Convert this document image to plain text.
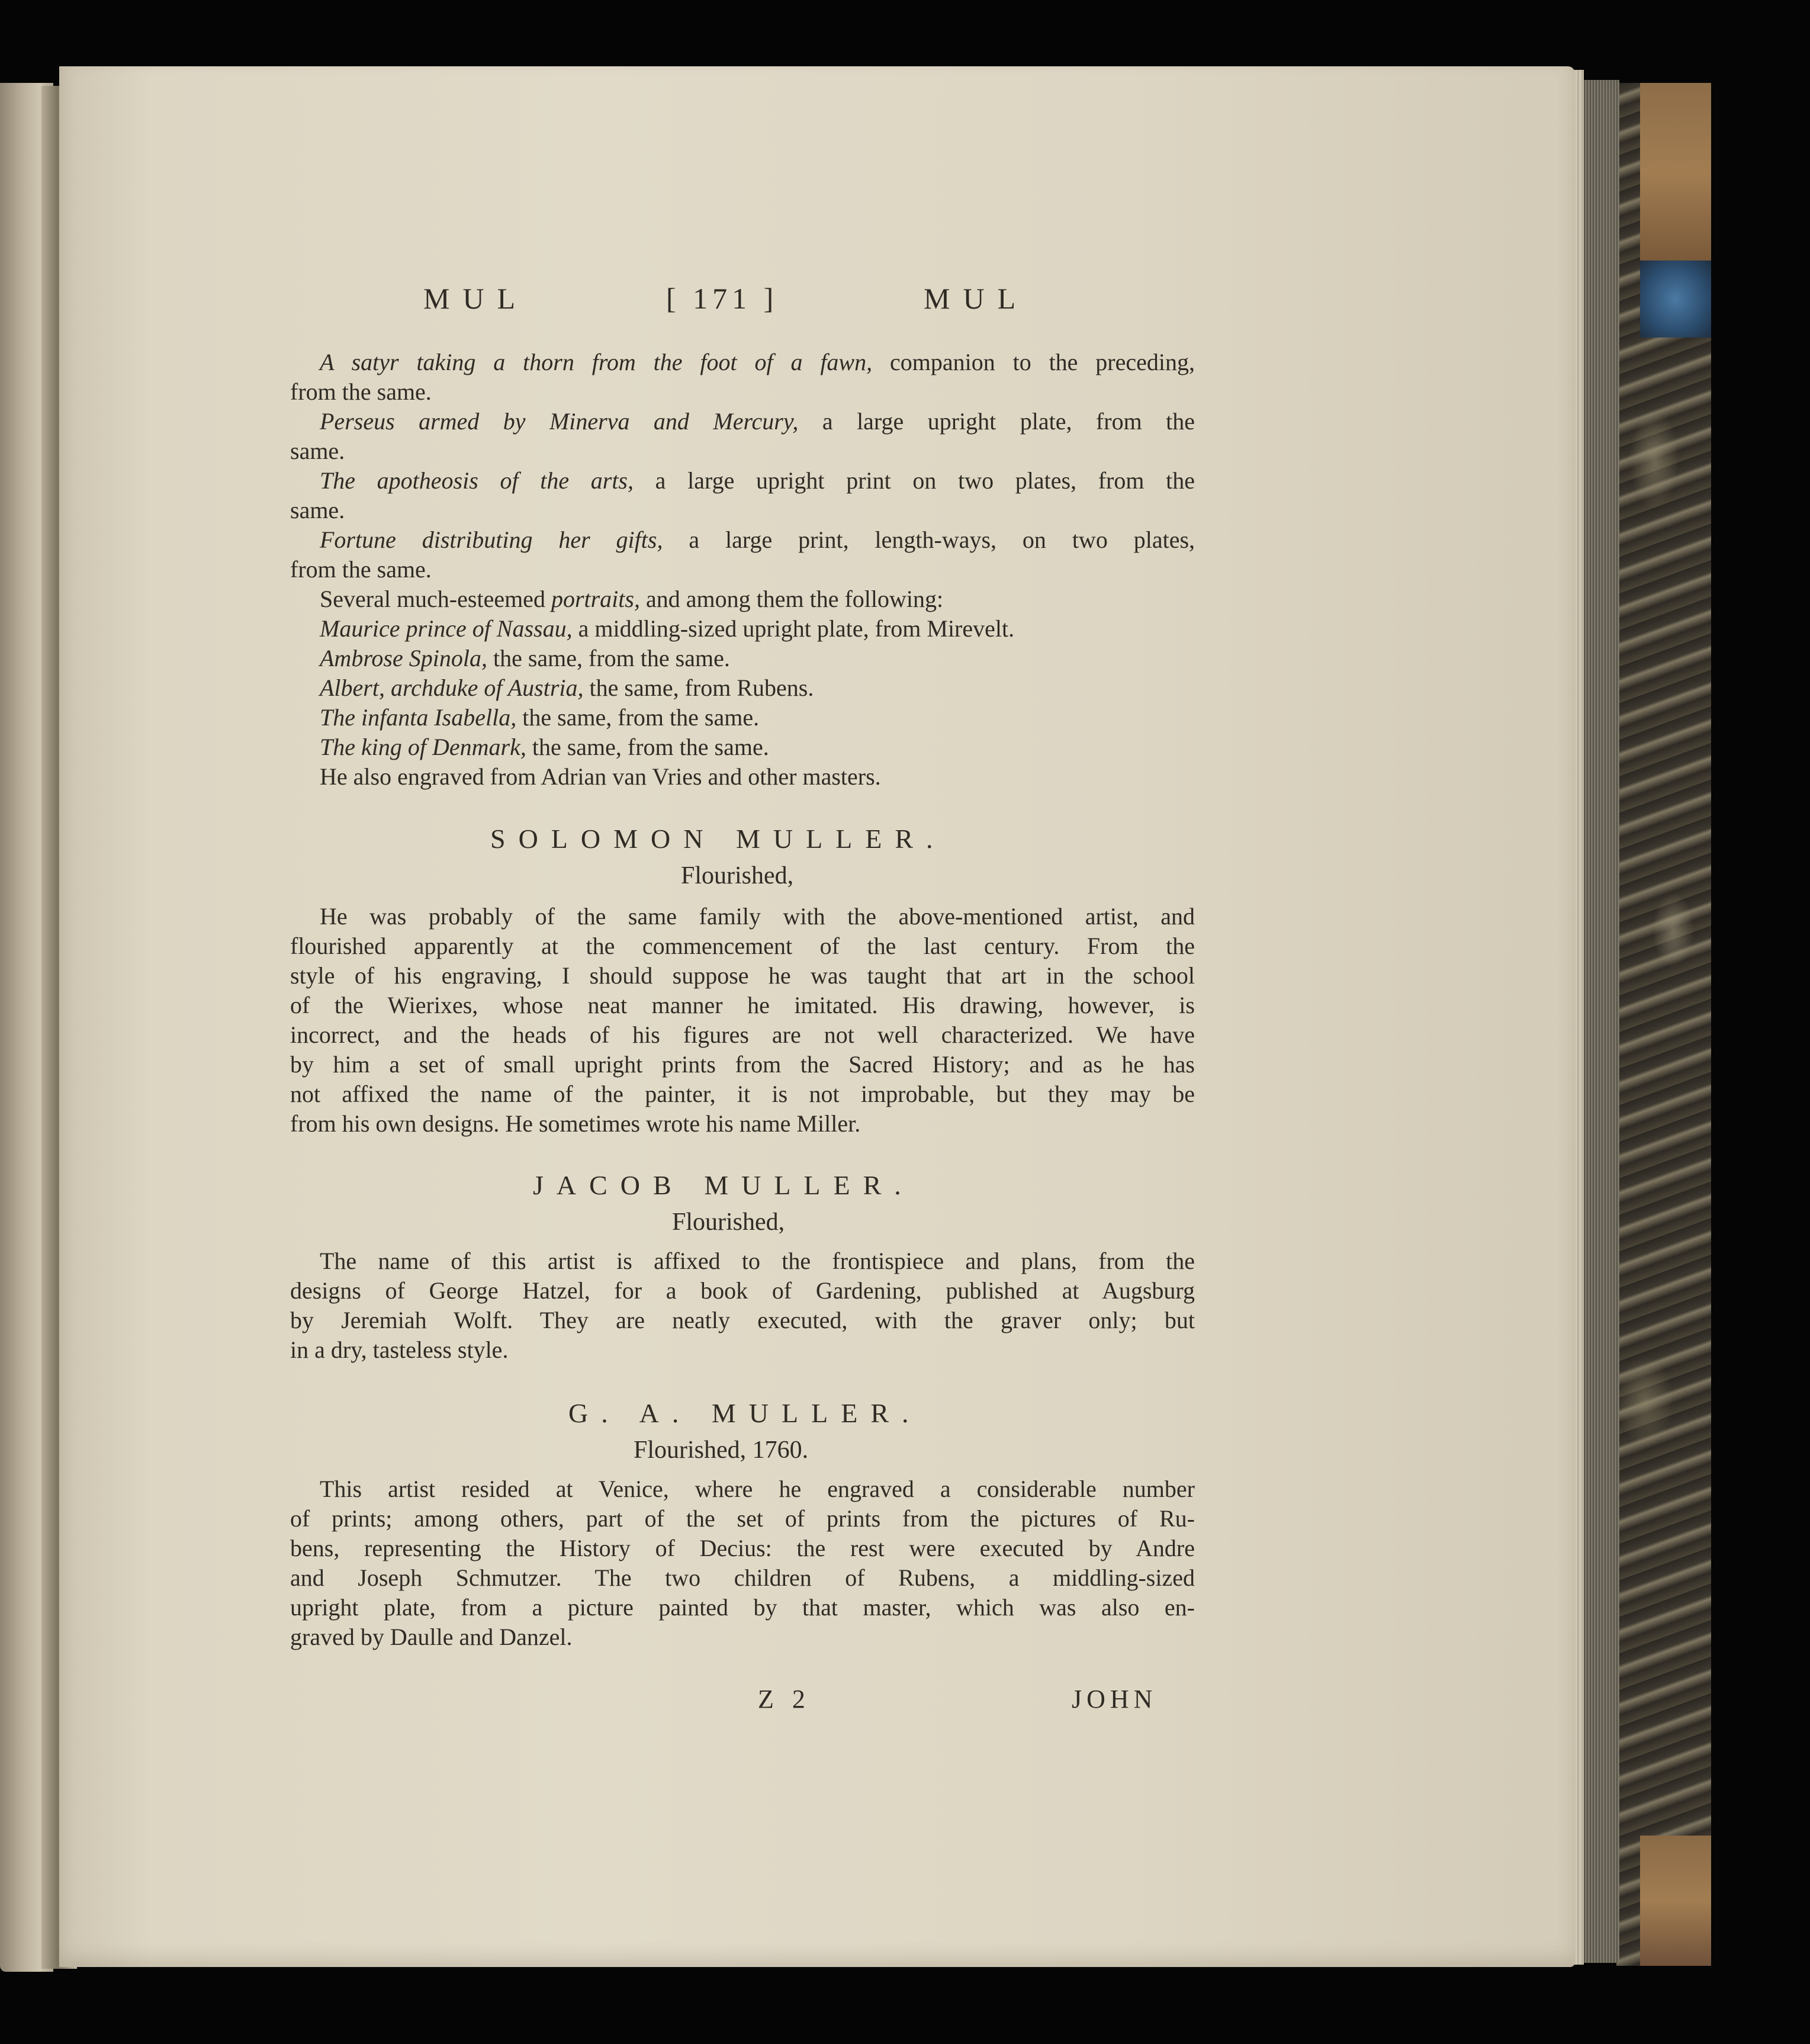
MUL	[ 171 ]	MUL
A satyr taking a thorn from the foot of a fawn, companion to the preceding,
from the same.
Perseus armed by Minerva and Mercury, a large upright plate, from the
same.
The apotheosis of the arts, a large upright print on two plates, from the
same.
Fortune distributing her gifts, a large print, length-ways, on two plates,
from the same.
Several much-esteemed portraits, and among them the following:
Maurice prince of Nassau, a middling-sized upright plate, from Mirevelt.
Ambrose Spinola, the same, from the same.
Albert, archduke of Austria, the same, from Rubens.
The infanta Isabella, the same, from the same.
The king of Denmark, the same, from the same.
He also engraved from Adrian van Vries and other masters.
SOLOMON MULLER.
Flourished,
He was probably of the same family with the above-mentioned artist, and
flourished apparently at the commencement of the last century. From the
style of his engraving, I should suppose he was taught that art in the school
of the Wierixes, whose neat manner he imitated. His drawing, however, is
incorrect, and the heads of his figures are not well characterized. We have
by him a set of small upright prints from the Sacred History; and as he has
not affixed the name of the painter, it is not improbable, but they may be
from his own designs. He sometimes wrote his name Miller.
JACOB MULLER.
Flourished,
The name of this artist is affixed to the frontispiece and plans, from the
designs of George Hatzel, for a book of Gardening, published at Augsburg
by Jeremiah Wolft. They are neatly executed, with the graver only; but
in a dry, tasteless style.
G. A. MULLER.
Flourished, 1760.
This artist resided at Venice, where he engraved a considerable number
of prints; among others, part of the set of prints from the pictures of Ru-
bens, representing the History of Decius: the rest were executed by Andre
and Joseph Schmutzer. The two children of Rubens, a middling-sized
upright plate, from a picture painted by that master, which was also en-
graved by Daulle and Danzel.
Z 2	JOHN
